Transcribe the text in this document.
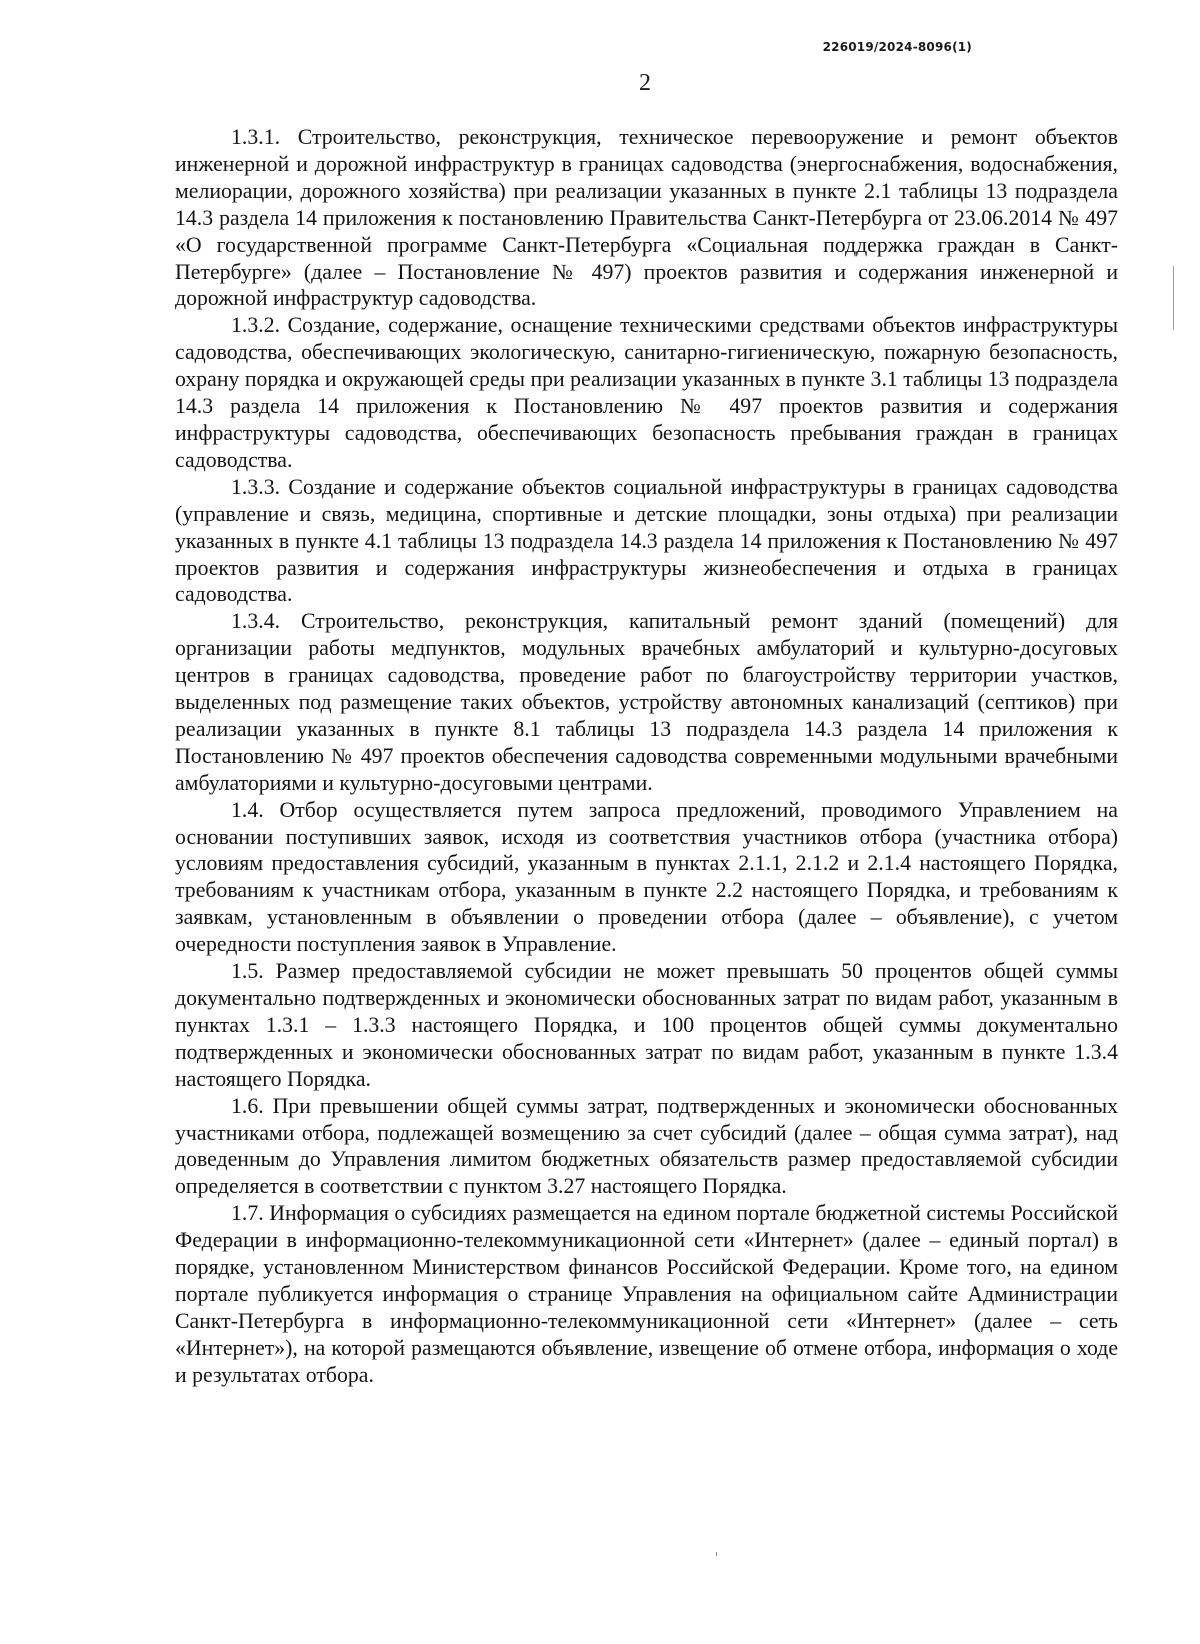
226019/2024-8096(1)
2

1.3.1. Строительство, реконструкция, техническое перевооружение и ремонт объектов инженерной и дорожной инфраструктур в границах садоводства (энергоснабжения, водоснабжения, мелиорации, дорожного хозяйства) при реализации указанных в пункте 2.1 таблицы 13 подраздела 14.3 раздела 14 приложения к постановлению Правительства Санкт-Петербурга от 23.06.2014 № 497 «О государственной программе Санкт-Петербурга «Социальная поддержка граждан в Санкт-Петербурге» (далее – Постановление № 497) проектов развития и содержания инженерной и дорожной инфраструктур садоводства.

1.3.2. Создание, содержание, оснащение техническими средствами объектов инфраструктуры садоводства, обеспечивающих экологическую, санитарно-гигиеническую, пожарную безопасность, охрану порядка и окружающей среды при реализации указанных в пункте 3.1 таблицы 13 подраздела 14.3 раздела 14 приложения к Постановлению № 497 проектов развития и содержания инфраструктуры садоводства, обеспечивающих безопасность пребывания граждан в границах садоводства.

1.3.3. Создание и содержание объектов социальной инфраструктуры в границах садоводства (управление и связь, медицина, спортивные и детские площадки, зоны отдыха) при реализации указанных в пункте 4.1 таблицы 13 подраздела 14.3 раздела 14 приложения к Постановлению № 497 проектов развития и содержания инфраструктуры жизнеобеспечения и отдыха в границах садоводства.

1.3.4. Строительство, реконструкция, капитальный ремонт зданий (помещений) для организации работы медпунктов, модульных врачебных амбулаторий и культурно-досуговых центров в границах садоводства, проведение работ по благоустройству территории участков, выделенных под размещение таких объектов, устройству автономных канализаций (септиков) при реализации указанных в пункте 8.1 таблицы 13 подраздела 14.3 раздела 14 приложения к Постановлению № 497 проектов обеспечения садоводства современными модульными врачебными амбулаториями и культурно-досуговыми центрами.

1.4. Отбор осуществляется путем запроса предложений, проводимого Управлением на основании поступивших заявок, исходя из соответствия участников отбора (участника отбора) условиям предоставления субсидий, указанным в пунктах 2.1.1, 2.1.2 и 2.1.4 настоящего Порядка, требованиям к участникам отбора, указанным в пункте 2.2 настоящего Порядка, и требованиям к заявкам, установленным в объявлении о проведении отбора (далее – объявление), с учетом очередности поступления заявок в Управление.

1.5. Размер предоставляемой субсидии не может превышать 50 процентов общей суммы документально подтвержденных и экономически обоснованных затрат по видам работ, указанным в пунктах 1.3.1 – 1.3.3 настоящего Порядка, и 100 процентов общей суммы документально подтвержденных и экономически обоснованных затрат по видам работ, указанным в пункте 1.3.4 настоящего Порядка.

1.6. При превышении общей суммы затрат, подтвержденных и экономически обоснованных участниками отбора, подлежащей возмещению за счет субсидий (далее – общая сумма затрат), над доведенным до Управления лимитом бюджетных обязательств размер предоставляемой субсидии определяется в соответствии с пунктом 3.27 настоящего Порядка.

1.7. Информация о субсидиях размещается на едином портале бюджетной системы Российской Федерации в информационно-телекоммуникационной сети «Интернет» (далее – единый портал) в порядке, установленном Министерством финансов Российской Федерации. Кроме того, на едином портале публикуется информация о странице Управления на официальном сайте Администрации Санкт-Петербурга в информационно-телекоммуникационной сети «Интернет» (далее – сеть «Интернет»), на которой размещаются объявление, извещение об отмене отбора, информация о ходе и результатах отбора.
